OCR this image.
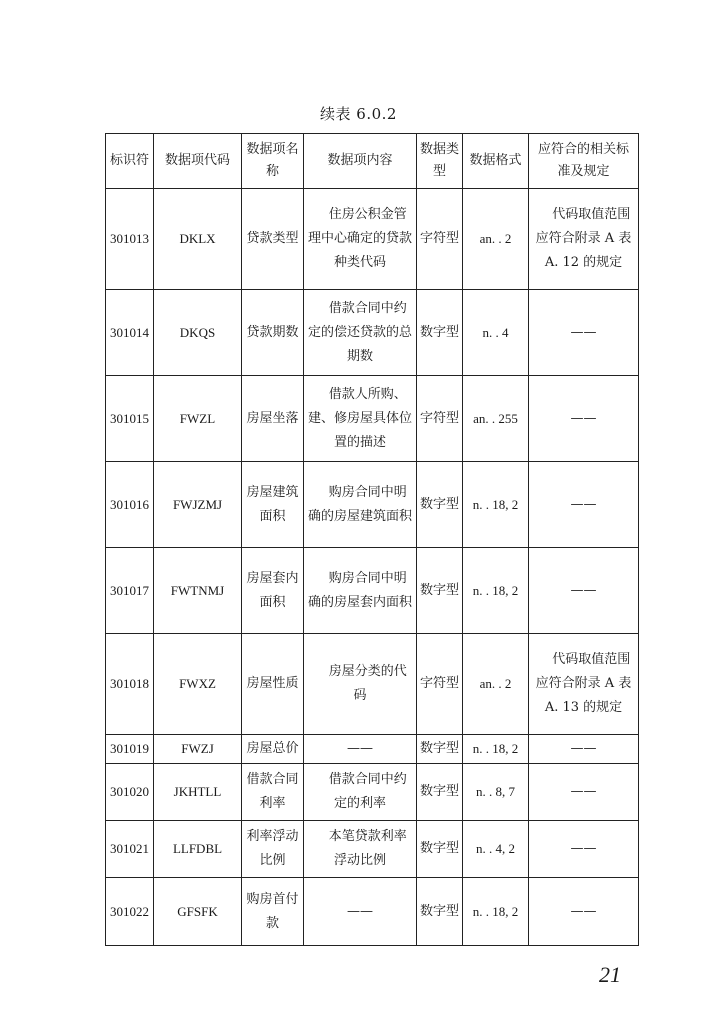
续表 6.0.2
标识符	数据项代码	数据项名称	数据项内容	数据类型	数据格式	应符合的相关标准及规定
301013	DKLX	贷款类型	住房公积金管理中心确定的贷款种类代码	字符型	an. . 2	代码取值范围应符合附录 A 表 A. 12 的规定
301014	DKQS	贷款期数	借款合同中约定的偿还贷款的总期数	数字型	n. . 4	——
301015	FWZL	房屋坐落	借款人所购、建、修房屋具体位置的描述	字符型	an. . 255	——
301016	FWJZMJ	房屋建筑面积	购房合同中明确的房屋建筑面积	数字型	n. . 18, 2	——
301017	FWTNMJ	房屋套内面积	购房合同中明确的房屋套内面积	数字型	n. . 18, 2	——
301018	FWXZ	房屋性质	房屋分类的代码	字符型	an. . 2	代码取值范围应符合附录 A 表 A. 13 的规定
301019	FWZJ	房屋总价	——	数字型	n. . 18, 2	——
301020	JKHTLL	借款合同利率	借款合同中约定的利率	数字型	n. . 8, 7	——
301021	LLFDBL	利率浮动比例	本笔贷款利率浮动比例	数字型	n. . 4, 2	——
301022	GFSFK	购房首付款	——	数字型	n. . 18, 2	——
21
